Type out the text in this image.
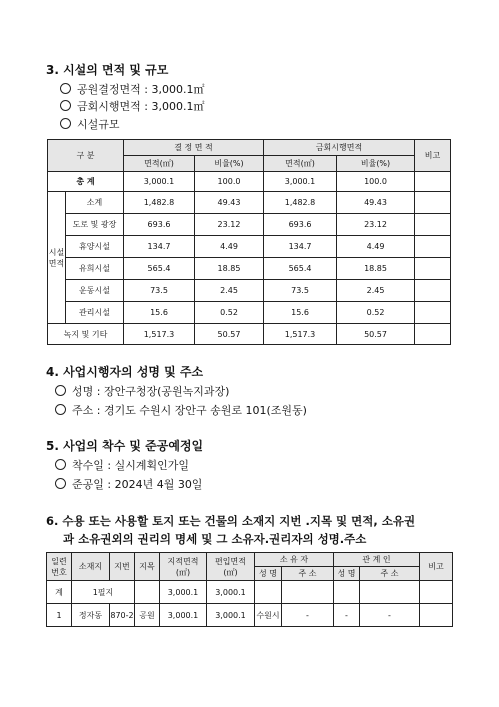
3. 시설의 면적 및 규모
공원결정면적 : 3,000.1㎡
금회시행면적 : 3,000.1㎡
시설규모
구 분		결 정 면 적		금회시행면적		비고
		면적(㎡)	비율(%)	면적(㎡)	비율(%)	
총 계		3,000.1	100.0	3,000.1	100.0	
시설
면적	소계	1,482.8	49.43	1,482.8	49.43	
	도로 및 광장	693.6	23.12	693.6	23.12	
	휴양시설	134.7	4.49	134.7	4.49	
	유희시설	565.4	18.85	565.4	18.85	
	운동시설	73.5	2.45	73.5	2.45	
	관리시설	15.6	0.52	15.6	0.52	
녹지 및 기타		1,517.3	50.57	1,517.3	50.57	
4. 사업시행자의 성명 및 주소
성명 : 장안구청장(공원녹지과장)
주소 : 경기도 수원시 장안구 송원로 101(조원동)
5. 사업의 착수 및 준공예정일
착수일 : 실시계획인가일
준공일 : 2024년 4월 30일
6. 수용 또는 사용할 토지 또는 건물의 소재지 지번 .지목 및 면적, 소유권
과 소유권외의 권리의 명세 및 그 소유자.권리자의 성명.주소
일련
번호	소재지	지번	지목	지적면적
(㎡)	편입면적
(㎡)	소 유 자		관 계 인		비고
						성 명	주 소	성 명	주 소	
계	1필지			3,000.1	3,000.1					
1	정자동	870-2	공원	3,000.1	3,000.1	수원시	-	-	-	
